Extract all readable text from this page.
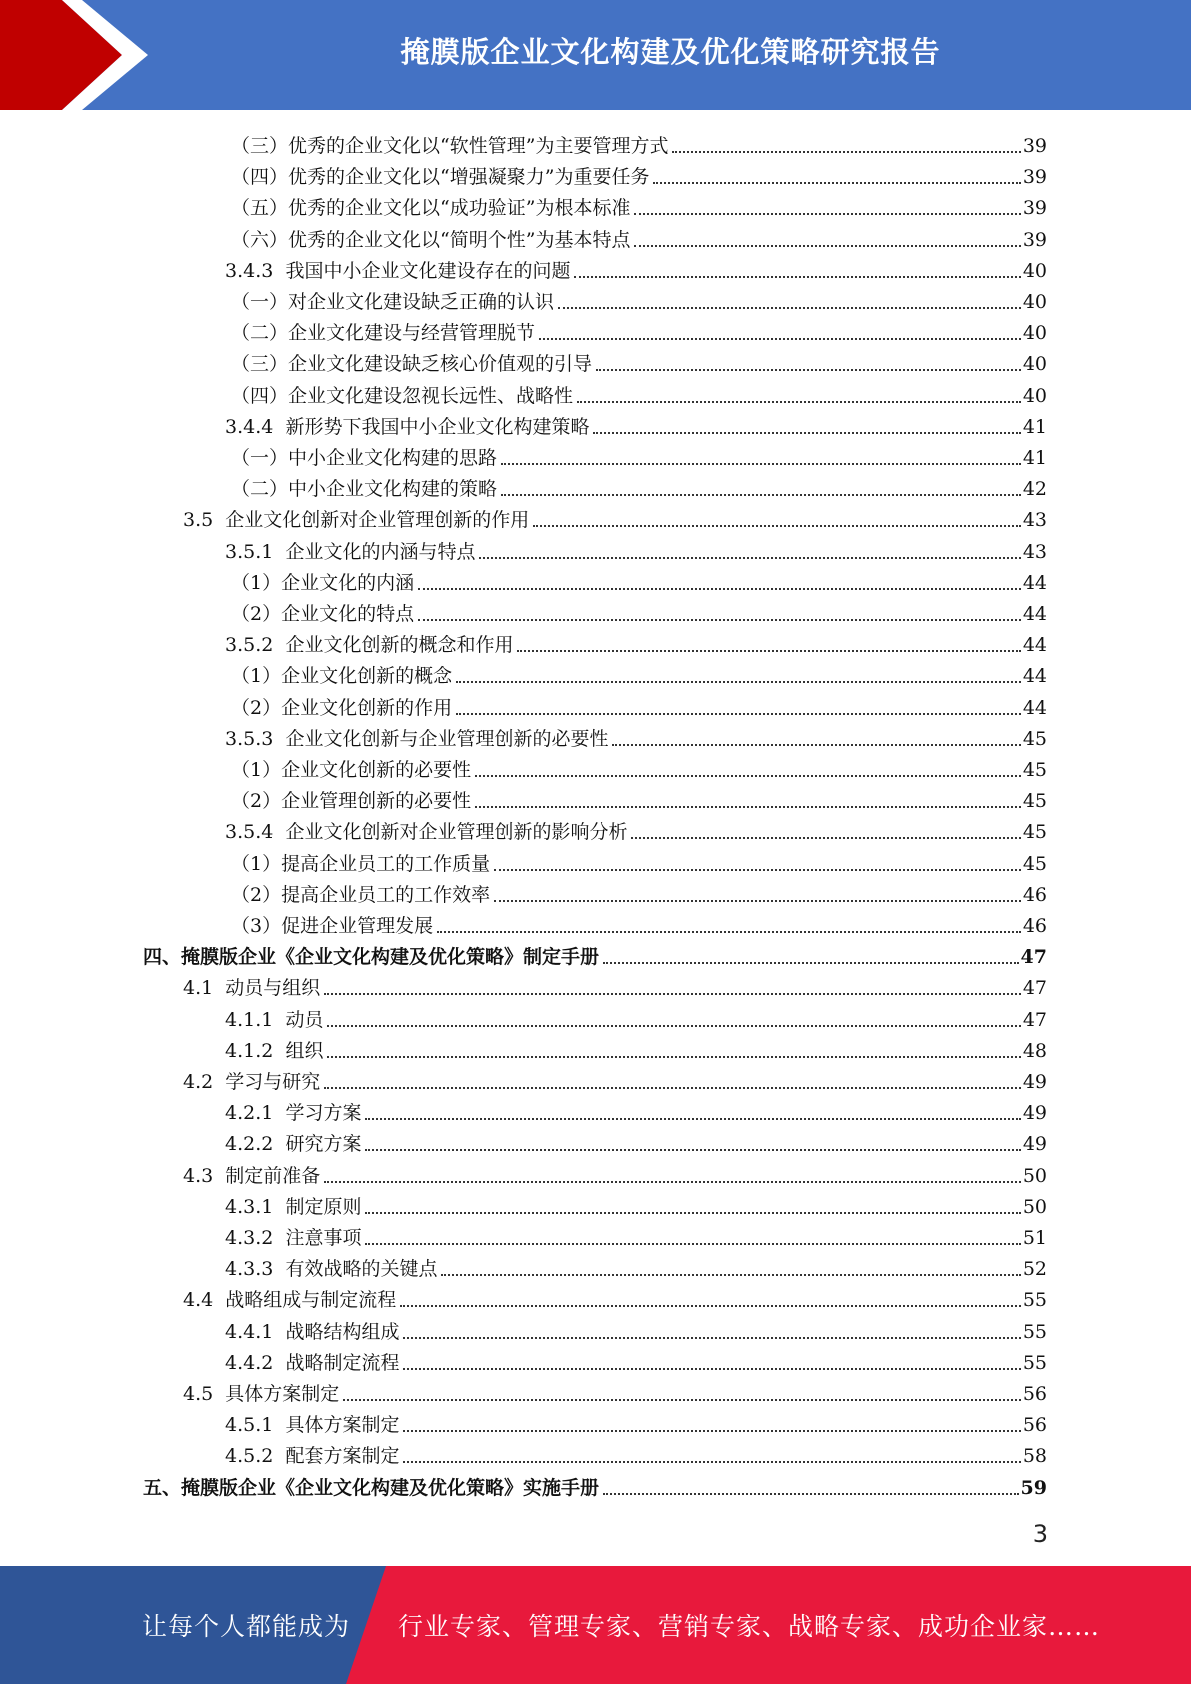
掩膜版企业文化构建及优化策略研究报告
（三） 优秀的企业文化以“软性管理”为主要管理方式	39
（四） 优秀的企业文化以“增强凝聚力”为重要任务	39
（五） 优秀的企业文化以“成功验证”为根本标准	39
（六） 优秀的企业文化以“简明个性”为基本特点	39
3.4.3 我国中小企业文化建设存在的问题	40
（一） 对企业文化建设缺乏正确的认识	40
（二） 企业文化建设与经营管理脱节	40
（三） 企业文化建设缺乏核心价值观的引导	40
（四） 企业文化建设忽视长远性、战略性	40
3.4.4 新形势下我国中小企业文化构建策略	41
（一） 中小企业文化构建的思路	41
（二） 中小企业文化构建的策略	42
3.5 企业文化创新对企业管理创新的作用	43
3.5.1 企业文化的内涵与特点	43
（1） 企业文化的内涵	44
（2） 企业文化的特点	44
3.5.2 企业文化创新的概念和作用	44
（1） 企业文化创新的概念	44
（2） 企业文化创新的作用	44
3.5.3 企业文化创新与企业管理创新的必要性	45
（1） 企业文化创新的必要性	45
（2） 企业管理创新的必要性	45
3.5.4 企业文化创新对企业管理创新的影响分析	45
（1） 提高企业员工的工作质量	45
（2） 提高企业员工的工作效率	46
（3） 促进企业管理发展	46
四、掩膜版企业《企业文化构建及优化策略》制定手册	47
4.1 动员与组织	47
4.1.1 动员	47
4.1.2 组织	48
4.2 学习与研究	49
4.2.1 学习方案	49
4.2.2 研究方案	49
4.3 制定前准备	50
4.3.1 制定原则	50
4.3.2 注意事项	51
4.3.3 有效战略的关键点	52
4.4 战略组成与制定流程	55
4.4.1 战略结构组成	55
4.4.2 战略制定流程	55
4.5 具体方案制定	56
4.5.1 具体方案制定	56
4.5.2 配套方案制定	58
五、掩膜版企业《企业文化构建及优化策略》实施手册	59
3
让每个人都能成为 行业专家、管理专家、营销专家、战略专家、成功企业家……
